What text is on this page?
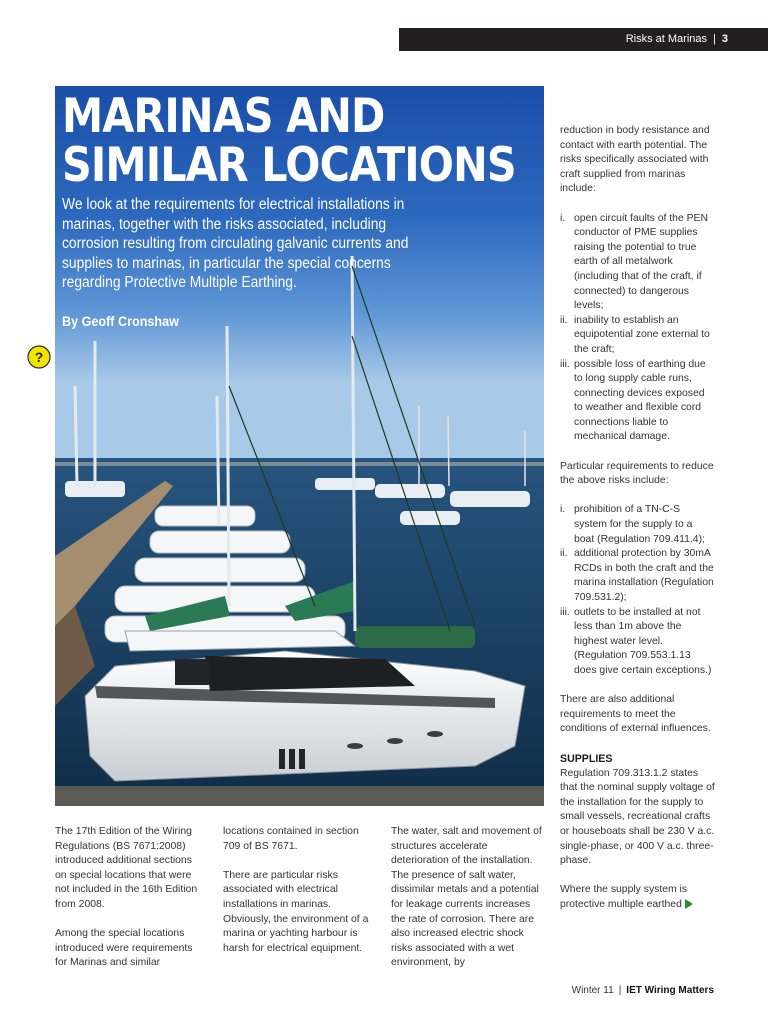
Risks at Marinas | 3
MARINAS AND
SIMILAR LOCATIONS

We look at the requirements for electrical installations in marinas, together with the risks associated, including corrosion resulting from circulating galvanic currents and supplies to marinas, in particular the special concerns regarding Protective Multiple Earthing.

By Geoff Cronshaw

?

The 17th Edition of the Wiring Regulations (BS 7671:2008) introduced additional sections on special locations that were not included in the 16th Edition from 2008.

Among the special locations introduced were requirements for Marinas and similar

locations contained in section 709 of BS 7671.

There are particular risks associated with electrical installations in marinas. Obviously, the environment of a marina or yachting harbour is harsh for electrical equipment.

The water, salt and movement of structures accelerate deterioration of the installation. The presence of salt water, dissimilar metals and a potential for leakage currents increases the rate of corrosion. There are also increased electric shock risks associated with a wet environment, by

reduction in body resistance and contact with earth potential. The risks specifically associated with craft supplied from marinas include:

i. open circuit faults of the PEN conductor of PME supplies raising the potential to true earth of all metalwork (including that of the craft, if connected) to dangerous levels;
ii. inability to establish an equipotential zone external to the craft;
iii. possible loss of earthing due to long supply cable runs, connecting devices exposed to weather and flexible cord connections liable to mechanical damage.

Particular requirements to reduce the above risks include:

i. prohibition of a TN-C-S system for the supply to a boat (Regulation 709.411.4);
ii. additional protection by 30mA RCDs in both the craft and the marina installation (Regulation 709.531.2);
iii. outlets to be installed at not less than 1m above the highest water level. (Regulation 709.553.1.13 does give certain exceptions.)

There are also additional requirements to meet the conditions of external influences.

SUPPLIES

Regulation 709.313.1.2 states that the nominal supply voltage of the installation for the supply to small vessels, recreational crafts or houseboats shall be 230 V a.c. single-phase, or 400 V a.c. three-phase.

Where the supply system is protective multiple earthed

Winter 11 | IET Wiring Matters
